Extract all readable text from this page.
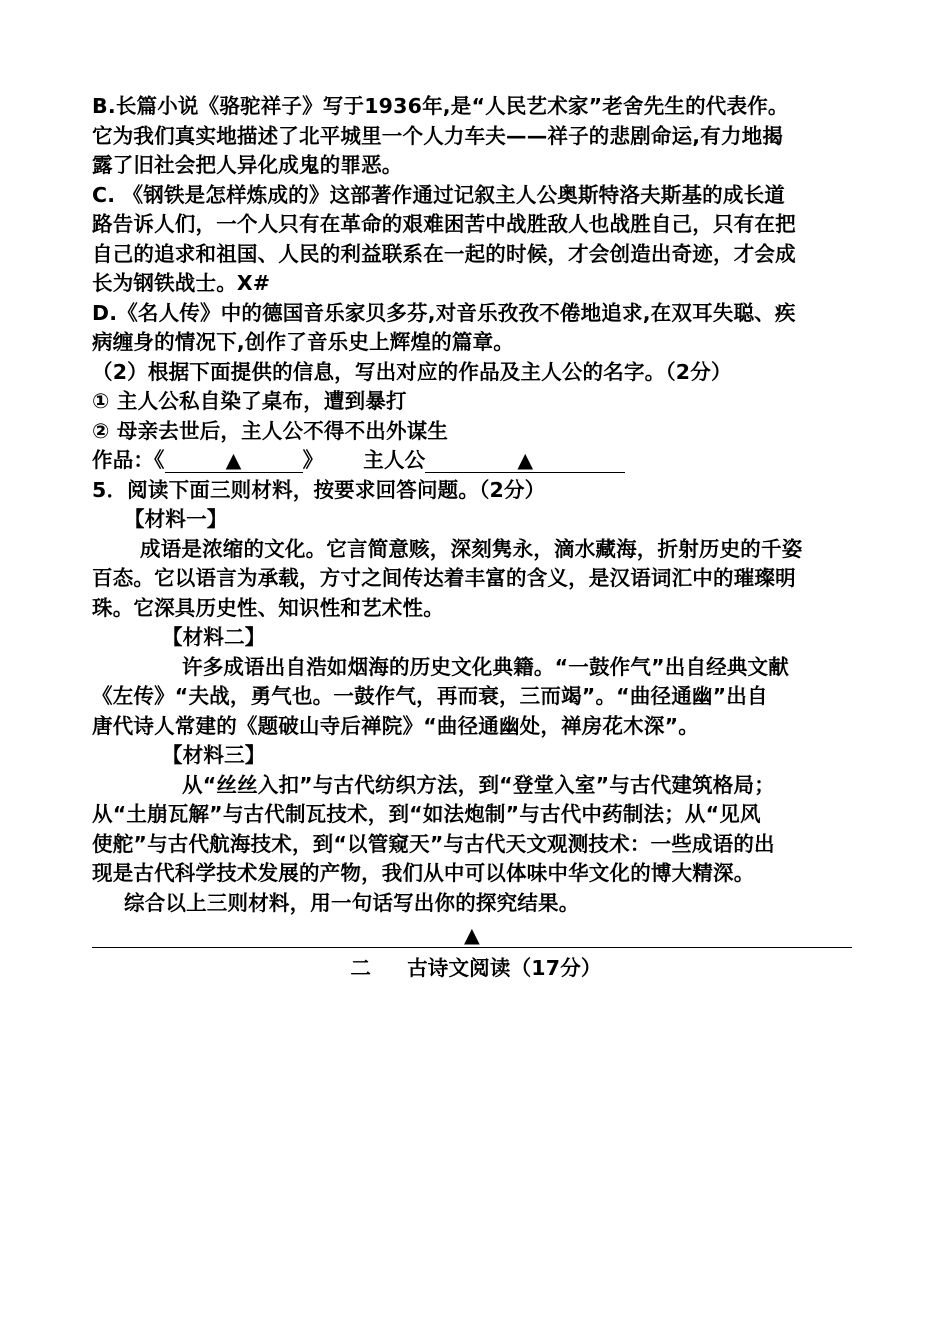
B.长篇小说《骆驼祥子》写于1936年,是“人民艺术家”老舍先生的代表作。

它为我们真实地描述了北平城里一个人力车夫——祥子的悲剧命运,有力地揭

露了旧社会把人异化成鬼的罪恶。

C. 《钢铁是怎样炼成的》这部著作通过记叙主人公奥斯特洛夫斯基的成长道

路告诉人们，一个人只有在革命的艰难困苦中战胜敌人也战胜自己，只有在把

自己的追求和祖国、人民的利益联系在一起的时候，才会创造出奇迹，才会成

长为钢铁战士。X#

D.《名人传》中的德国音乐家贝多芬,对音乐孜孜不倦地追求,在双耳失聪、疾

病缠身的情况下,创作了音乐史上辉煌的篇章。

（2）根据下面提供的信息，写出对应的作品及主人公的名字。（2分）

① 主人公私自染了桌布，遭到暴打

② 母亲去世后，主人公不得不出外谋生

作品：《	▲	》 主人公	▲

5．阅读下面三则材料，按要求回答问题。（2分）

【材料一】

成语是浓缩的文化。它言简意赅，深刻隽永，滴水藏海，折射历史的千姿

百态。它以语言为承载，方寸之间传达着丰富的含义，是汉语词汇中的璀璨明

珠。它深具历史性、知识性和艺术性。

【材料二】

许多成语出自浩如烟海的历史文化典籍。“一鼓作气”出自经典文献

《左传》“夫战，勇气也。一鼓作气，再而衰，三而竭”。“曲径通幽”出自

唐代诗人常建的《题破山寺后禅院》“曲径通幽处，禅房花木深”。

【材料三】

从“丝丝入扣”与古代纺织方法，到“登堂入室”与古代建筑格局；

从“土崩瓦解”与古代制瓦技术，到“如法炮制”与古代中药制法；从“见风

使舵”与古代航海技术，到“以管窥天”与古代天文观测技术：一些成语的出

现是古代科学技术发展的产物，我们从中可以体味中华文化的博大精深。

综合以上三则材料，用一句话写出你的探究结果。

▲

二 古诗文阅读（17分）
